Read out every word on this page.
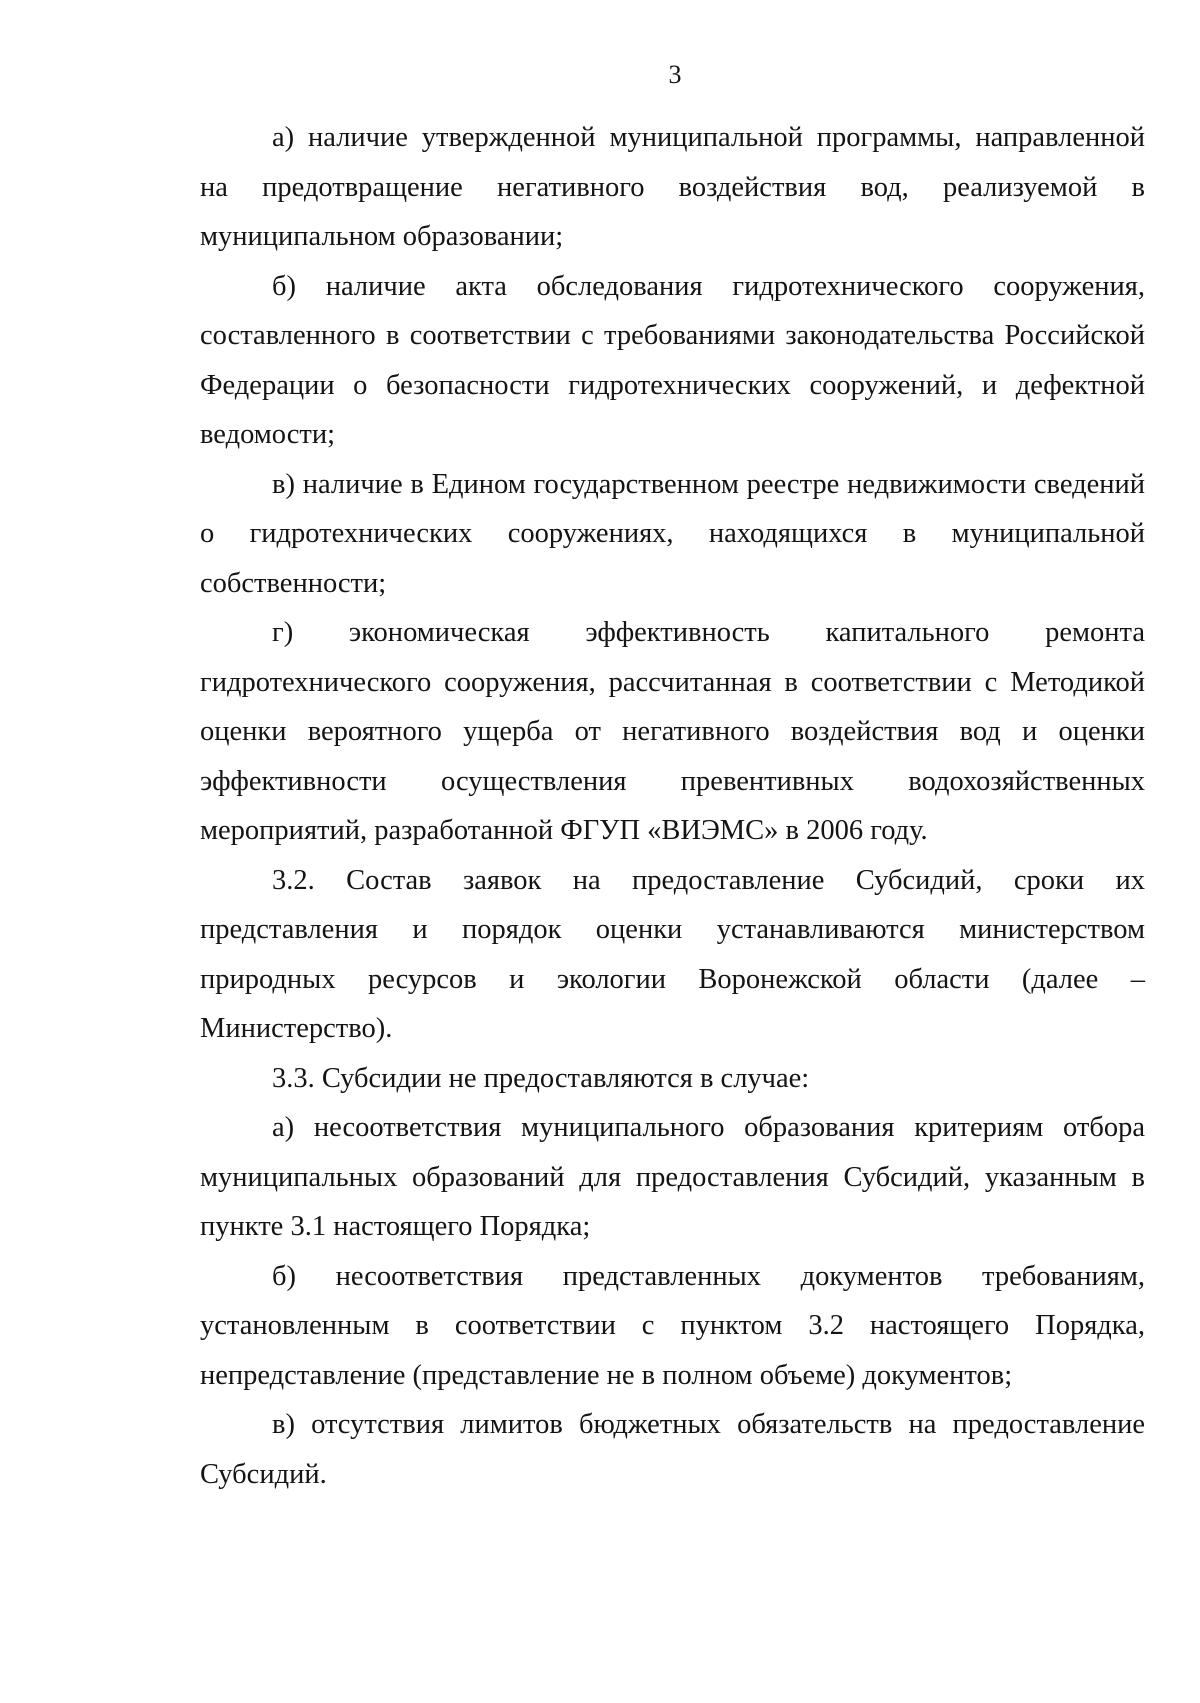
3

а) наличие утвержденной муниципальной программы, направленной на предотвращение негативного воздействия вод, реализуемой в муниципальном образовании;

б) наличие акта обследования гидротехнического сооружения, составленного в соответствии с требованиями законодательства Российской Федерации о безопасности гидротехнических сооружений, и дефектной ведомости;

в) наличие в Едином государственном реестре недвижимости сведений о гидротехнических сооружениях, находящихся в муниципальной собственности;

г) экономическая эффективность капитального ремонта гидротехнического сооружения, рассчитанная в соответствии с Методикой оценки вероятного ущерба от негативного воздействия вод и оценки эффективности осуществления превентивных водохозяйственных мероприятий, разработанной ФГУП «ВИЭМС» в 2006 году.

3.2. Состав заявок на предоставление Субсидий, сроки их представления и порядок оценки устанавливаются министерством природных ресурсов и экологии Воронежской области (далее – Министерство).

3.3. Субсидии не предоставляются в случае:

а) несоответствия муниципального образования критериям отбора муниципальных образований для предоставления Субсидий, указанным в пункте 3.1 настоящего Порядка;

б) несоответствия представленных документов требованиям, установленным в соответствии с пунктом 3.2 настоящего Порядка, непредставление (представление не в полном объеме) документов;

в) отсутствия лимитов бюджетных обязательств на предоставление Субсидий.
